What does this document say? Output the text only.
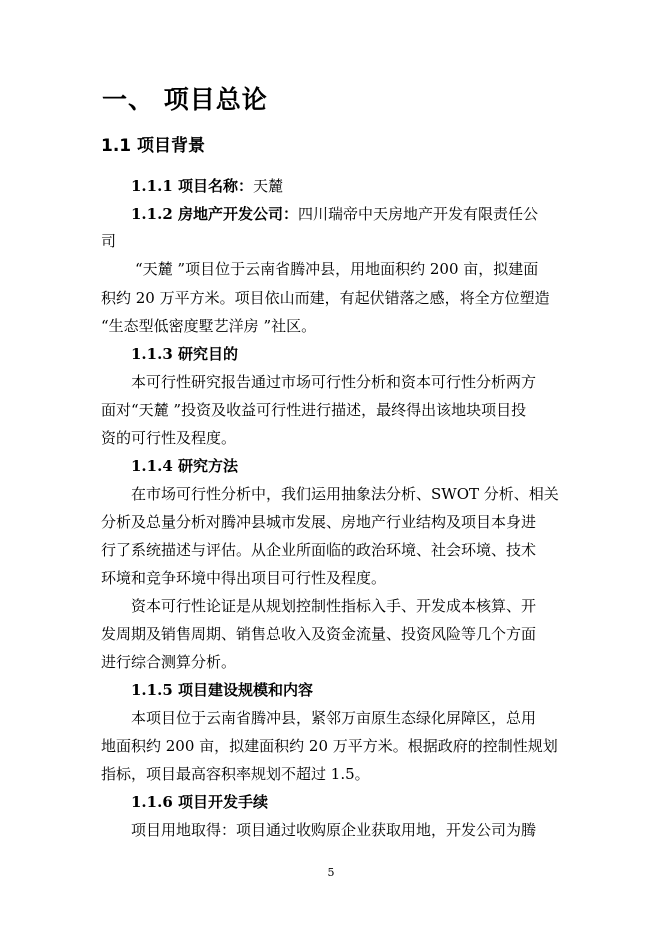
一、 项目总论
1.1 项目背景
1.1.1 项目名称：天麓
1.1.2 房地产开发公司：四川瑞帝中天房地产开发有限责任公
司
“天麓 ”项目位于云南省腾冲县，用地面积约 200 亩，拟建面
积约 20 万平方米。项目依山而建，有起伏错落之感，将全方位塑造
“生态型低密度墅艺洋房 ”社区。
1.1.3 研究目的
本可行性研究报告通过市场可行性分析和资本可行性分析两方
面对“天麓 ”投资及收益可行性进行描述，最终得出该地块项目投
资的可行性及程度。
1.1.4 研究方法
在市场可行性分析中，我们运用抽象法分析、SWOT 分析、相关
分析及总量分析对腾冲县城市发展、房地产行业结构及项目本身进
行了系统描述与评估。从企业所面临的政治环境、社会环境、技术
环境和竞争环境中得出项目可行性及程度。
资本可行性论证是从规划控制性指标入手、开发成本核算、开
发周期及销售周期、销售总收入及资金流量、投资风险等几个方面
进行综合测算分析。
1.1.5 项目建设规模和内容
本项目位于云南省腾冲县，紧邻万亩原生态绿化屏障区，总用
地面积约 200 亩，拟建面积约 20 万平方米。根据政府的控制性规划
指标，项目最高容积率规划不超过 1.5。
1.1.6 项目开发手续
项目用地取得：项目通过收购原企业获取用地，开发公司为腾
5
